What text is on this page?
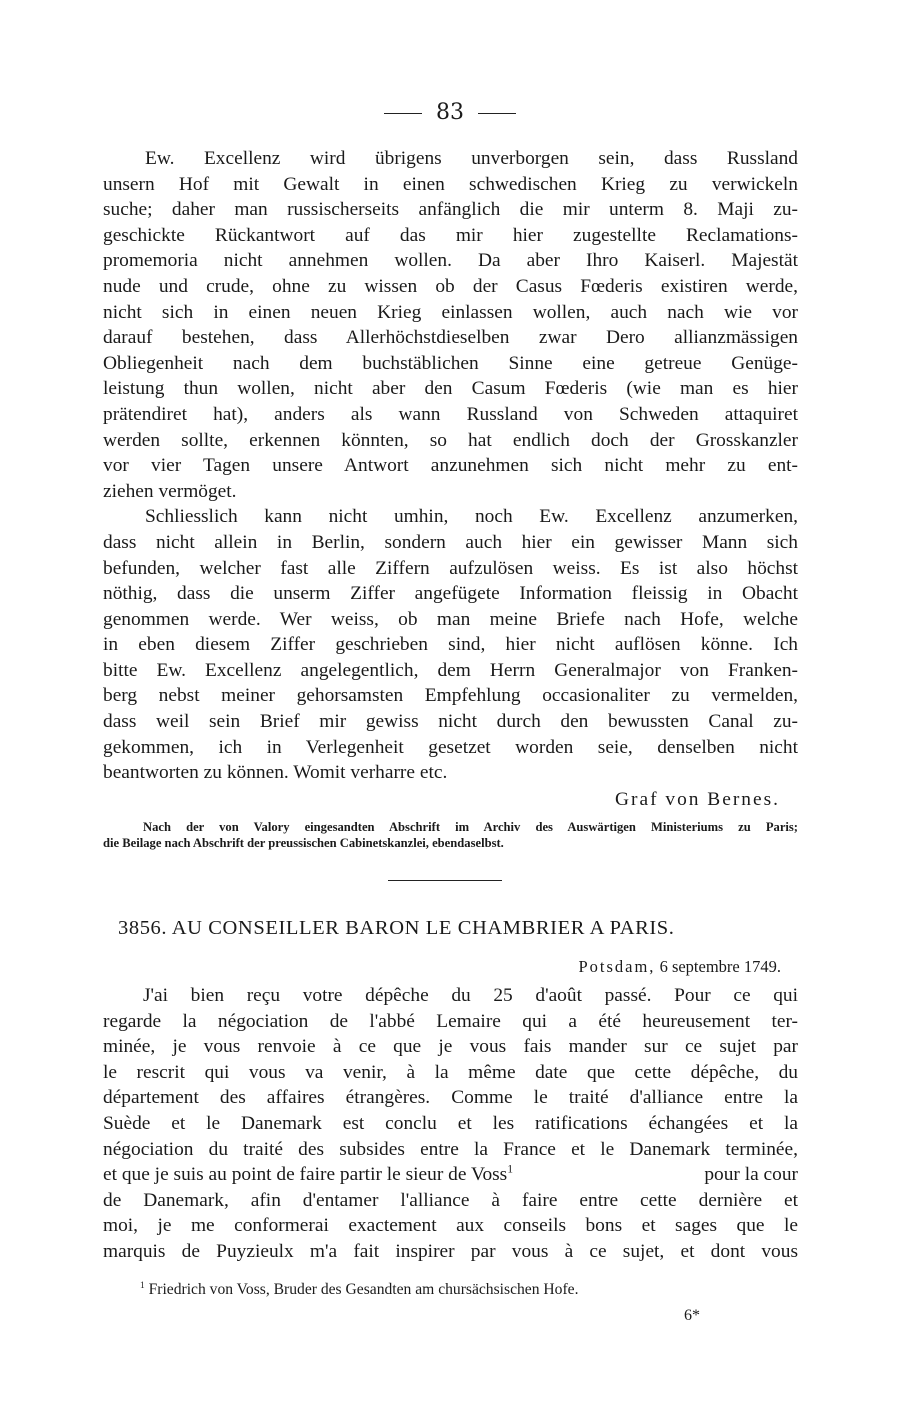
83
Ew. Excellenz wird übrigens unverborgen sein, dass Russland
unsern Hof mit Gewalt in einen schwedischen Krieg zu verwickeln
suche; daher man russischerseits anfänglich die mir unterm 8. Maji zu-
geschickte Rückantwort auf das mir hier zugestellte Reclamations-
promemoria nicht annehmen wollen. Da aber Ihro Kaiserl. Majestät
nude und crude, ohne zu wissen ob der Casus Fœderis existiren werde,
nicht sich in einen neuen Krieg einlassen wollen, auch nach wie vor
darauf bestehen, dass Allerhöchstdieselben zwar Dero allianzmässigen
Obliegenheit nach dem buchstäblichen Sinne eine getreue Genüge-
leistung thun wollen, nicht aber den Casum Fœderis (wie man es hier
prätendiret hat), anders als wann Russland von Schweden attaquiret
werden sollte, erkennen könnten, so hat endlich doch der Grosskanzler
vor vier Tagen unsere Antwort anzunehmen sich nicht mehr zu ent-
ziehen vermöget.
Schliesslich kann nicht umhin, noch Ew. Excellenz anzumerken,
dass nicht allein in Berlin, sondern auch hier ein gewisser Mann sich
befunden, welcher fast alle Ziffern aufzulösen weiss. Es ist also höchst
nöthig, dass die unserm Ziffer angefügete Information fleissig in Obacht
genommen werde. Wer weiss, ob man meine Briefe nach Hofe, welche
in eben diesem Ziffer geschrieben sind, hier nicht auflösen könne. Ich
bitte Ew. Excellenz angelegentlich, dem Herrn Generalmajor von Franken-
berg nebst meiner gehorsamsten Empfehlung occasionaliter zu vermelden,
dass weil sein Brief mir gewiss nicht durch den bewussten Canal zu-
gekommen, ich in Verlegenheit gesetzet worden seie, denselben nicht
beantworten zu können. Womit verharre etc.
Graf von Bernes.
Nach der von Valory eingesandten Abschrift im Archiv des Auswärtigen Ministeriums zu Paris;
die Beilage nach Abschrift der preussischen Cabinetskanzlei, ebendaselbst.
3856. AU CONSEILLER BARON LE CHAMBRIER A PARIS.
Potsdam, 6 septembre 1749.
J'ai bien reçu votre dépêche du 25 d'août passé. Pour ce qui
regarde la négociation de l'abbé Lemaire qui a été heureusement ter-
minée, je vous renvoie à ce que je vous fais mander sur ce sujet par
le rescrit qui vous va venir, à la même date que cette dépêche, du
département des affaires étrangères. Comme le traité d'alliance entre la
Suède et le Danemark est conclu et les ratifications échangées et la
négociation du traité des subsides entre la France et le Danemark terminée,
et que je suis au point de faire partir le sieur de Voss$^1$	pour la cour
de Danemark, afin d'entamer l'alliance à faire entre cette dernière et
moi, je me conformerai exactement aux conseils bons et sages que le
marquis de Puyzieulx m'a fait inspirer par vous à ce sujet, et dont vous
$^1$ Friedrich von Voss, Bruder des Gesandten am chursächsischen Hofe.
6*
